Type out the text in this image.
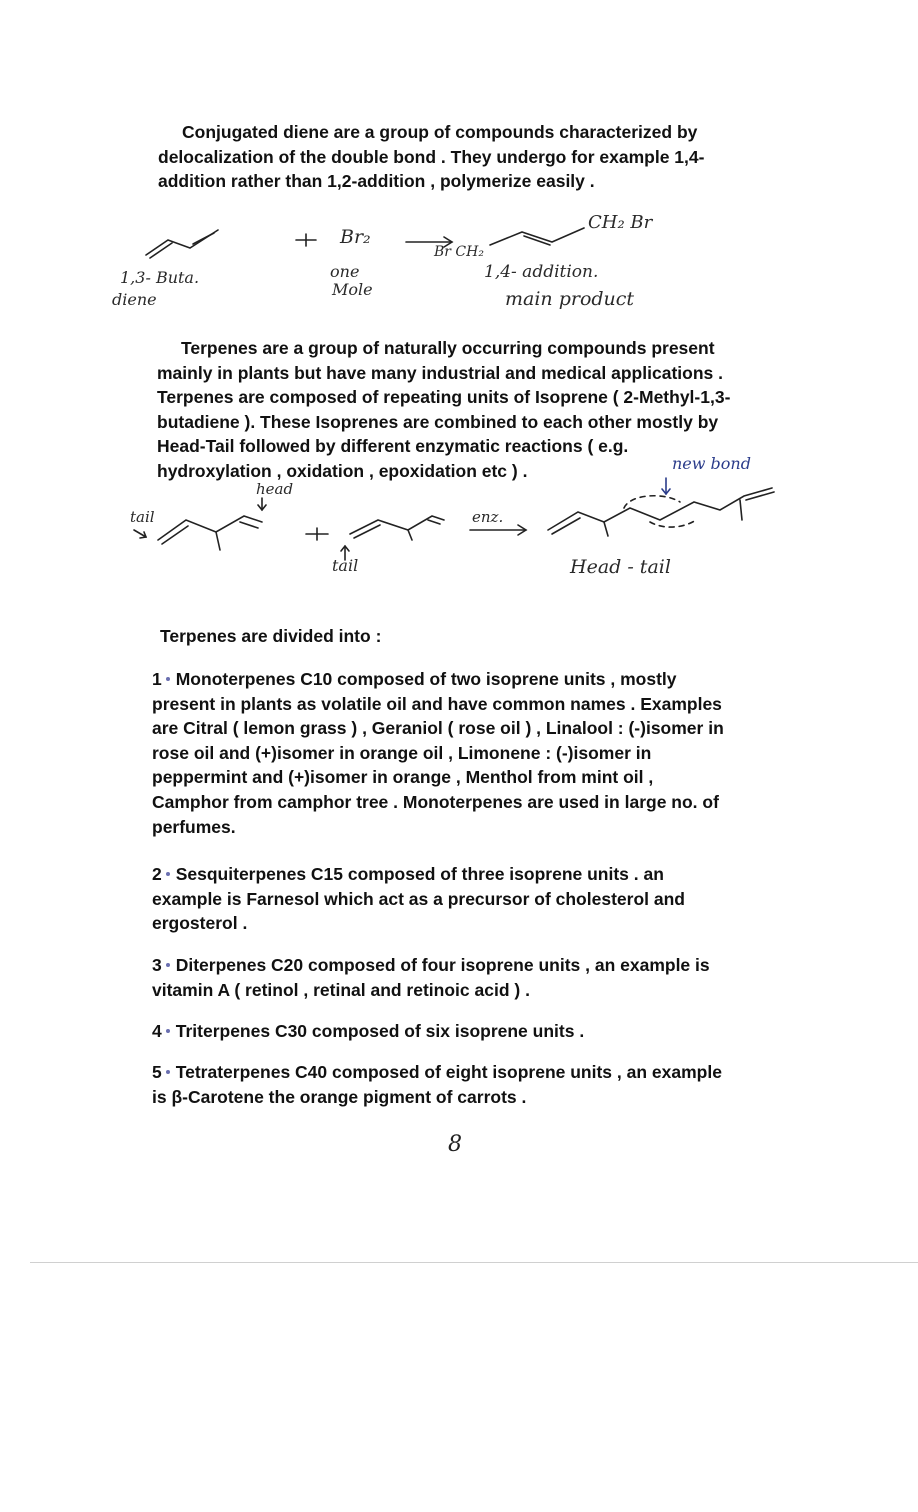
Conjugated diene are a group of compounds characterized by
delocalization of the double bond . They undergo for example 1,4-
addition rather than 1,2-addition , polymerize easily .
1,3- Buta.
diene
Br₂
one
Mole
Br CH₂
CH₂ Br
1,4- addition.
main product
Terpenes are a group of naturally occurring compounds present
mainly in plants but have many industrial and medical applications .
Terpenes are composed of repeating units of Isoprene ( 2-Methyl-1,3-
butadiene ). These Isoprenes are combined to each other mostly by
Head-Tail followed by different enzymatic reactions ( e.g.
hydroxylation , oxidation , epoxidation etc ) .
tail
head
tail
enz.
new bond
Head - tail
Terpenes are divided into :
1 Monoterpenes C10 composed of two isoprene units , mostly
present in plants as volatile oil and have common names . Examples
are Citral ( lemon grass ) , Geraniol ( rose oil ) , Linalool : (-)isomer in
rose oil and (+)isomer in orange oil , Limonene : (-)isomer in
peppermint and (+)isomer in orange , Menthol from mint oil ,
Camphor from camphor tree . Monoterpenes are used in large no. of
perfumes.
2 Sesquiterpenes C15 composed of three isoprene units . an
example is Farnesol which act as a precursor of cholesterol and
ergosterol .
3 Diterpenes C20 composed of four isoprene units , an example is
vitamin A ( retinol , retinal and retinoic acid ) .
4 Triterpenes C30 composed of six isoprene units .
5 Tetraterpenes C40 composed of eight isoprene units , an example
is β-Carotene the orange pigment of carrots .
8
